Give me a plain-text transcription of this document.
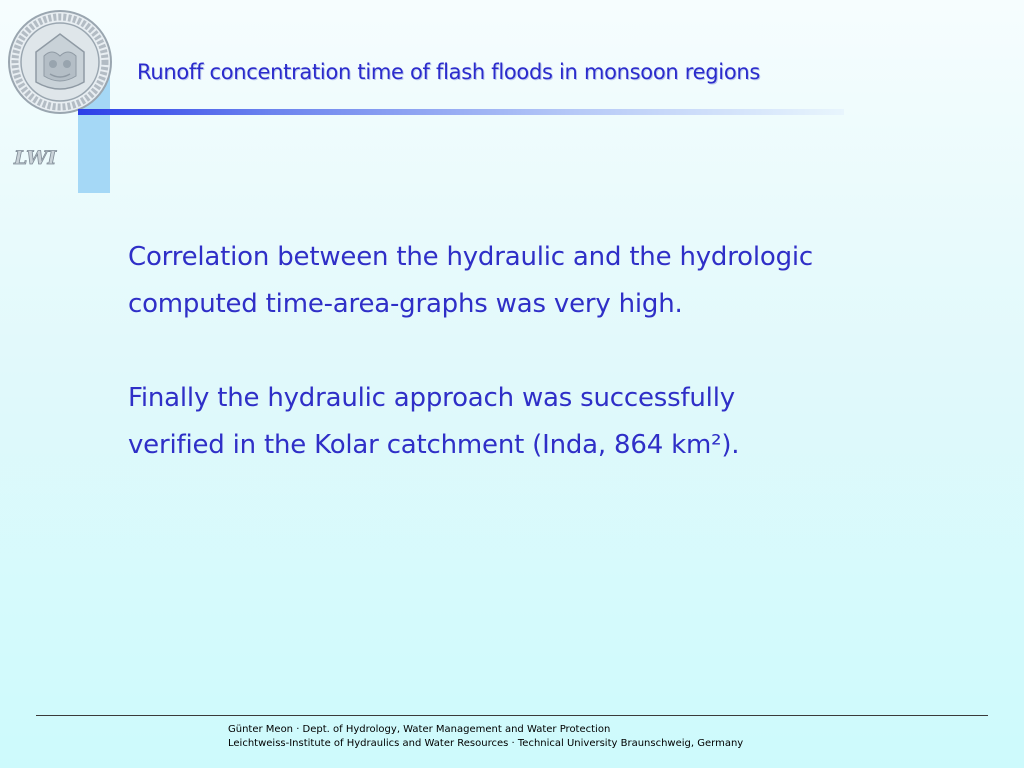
LWI
Runoff concentration time of flash floods in monsoon regions

Correlation between the hydraulic and the hydrologic

computed time-area-graphs was very high.

Finally the hydraulic approach was successfully

verified in the Kolar catchment (Inda, 864 km²).

Günter Meon · Dept. of Hydrology, Water Management and Water Protection
Leichtweiss-Institute of Hydraulics and Water Resources · Technical University Braunschweig, Germany
